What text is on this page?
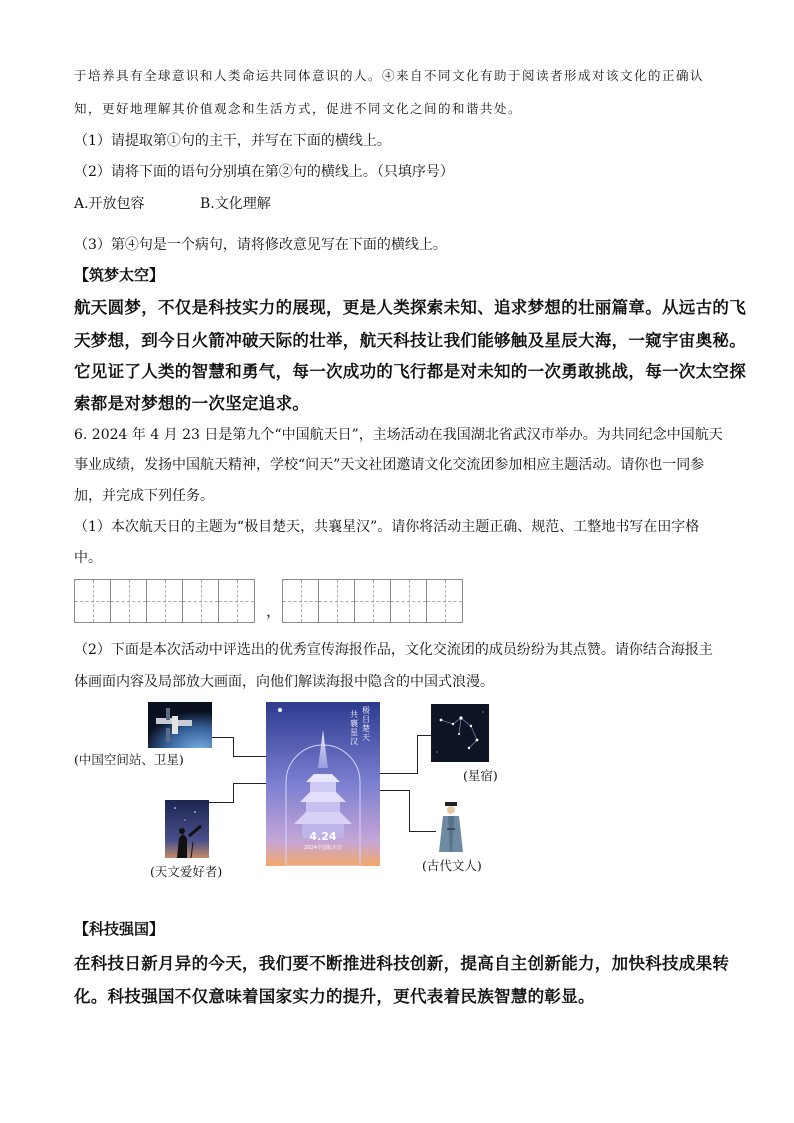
于培养具有全球意识和人类命运共同体意识的人。④来自不同文化有助于阅读者形成对该文化的正确认
知，更好地理解其价值观念和生活方式，促进不同文化之间的和谐共处。
（1）请提取第①句的主干，并写在下面的横线上。
（2）请将下面的语句分别填在第②句的横线上。（只填序号）
A.开放包容	B.文化理解
（3）第④句是一个病句，请将修改意见写在下面的横线上。
【筑梦太空】
航天圆梦，不仅是科技实力的展现，更是人类探索未知、追求梦想的壮丽篇章。从远古的飞
天梦想，到今日火箭冲破天际的壮举，航天科技让我们能够触及星辰大海，一窥宇宙奥秘。
它见证了人类的智慧和勇气，每一次成功的飞行都是对未知的一次勇敢挑战，每一次太空探
索都是对梦想的一次坚定追求。
6. 2024 年 4 月 23 日是第九个“中国航天日”，主场活动在我国湖北省武汉市举办。为共同纪念中国航天
事业成绩，发扬中国航天精神，学校“问天”天文社团邀请文化交流团参加相应主题活动。请你也一同参
加，并完成下列任务。
（1）本次航天日的主题为“极目楚天，共襄星汉”。请你将活动主题正确、规范、工整地书写在田字格
中。
，
（2）下面是本次活动中评选出的优秀宣传海报作品，文化交流团的成员纷纷为其点赞。请你结合海报主
体画面内容及局部放大画面，向他们解读海报中隐含的中国式浪漫。
(中国空间站、卫星)
(天文爱好者)
极目楚天
共襄星汉
4.24
2024中国航天日
(星宿)
(古代文人)
【科技强国】
在科技日新月异的今天，我们要不断推进科技创新，提高自主创新能力，加快科技成果转
化。科技强国不仅意味着国家实力的提升，更代表着民族智慧的彰显。
